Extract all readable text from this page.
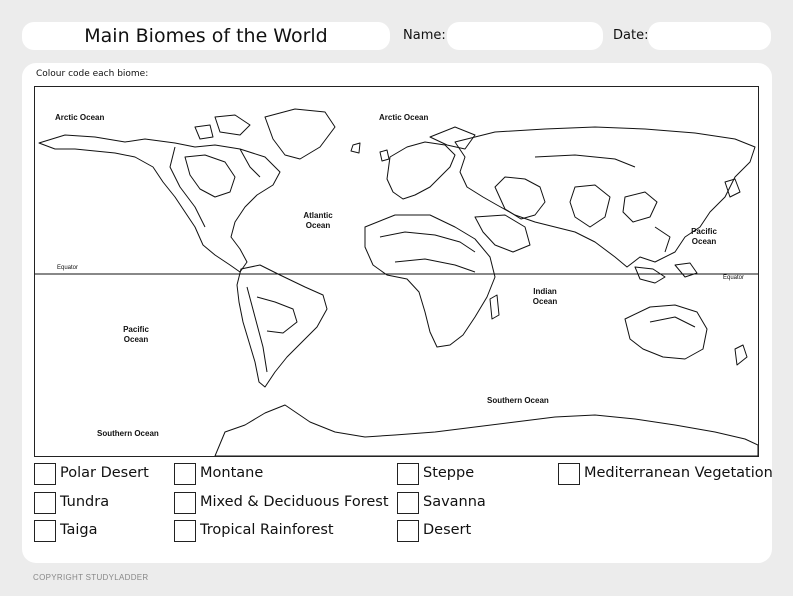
Main Biomes of the World	Name:	Date:
Colour code each biome:
Arctic Ocean	Arctic Ocean
Atlantic Ocean
Pacific Ocean
Pacific Ocean
Indian Ocean
Southern Ocean
Southern Ocean
Equator
Equator
Polar Desert
Tundra
Taiga
Montane
Mixed & Deciduous Forest
Tropical Rainforest
Steppe
Savanna
Desert
Mediterranean Vegetation
COPYRIGHT STUDYLADDER
